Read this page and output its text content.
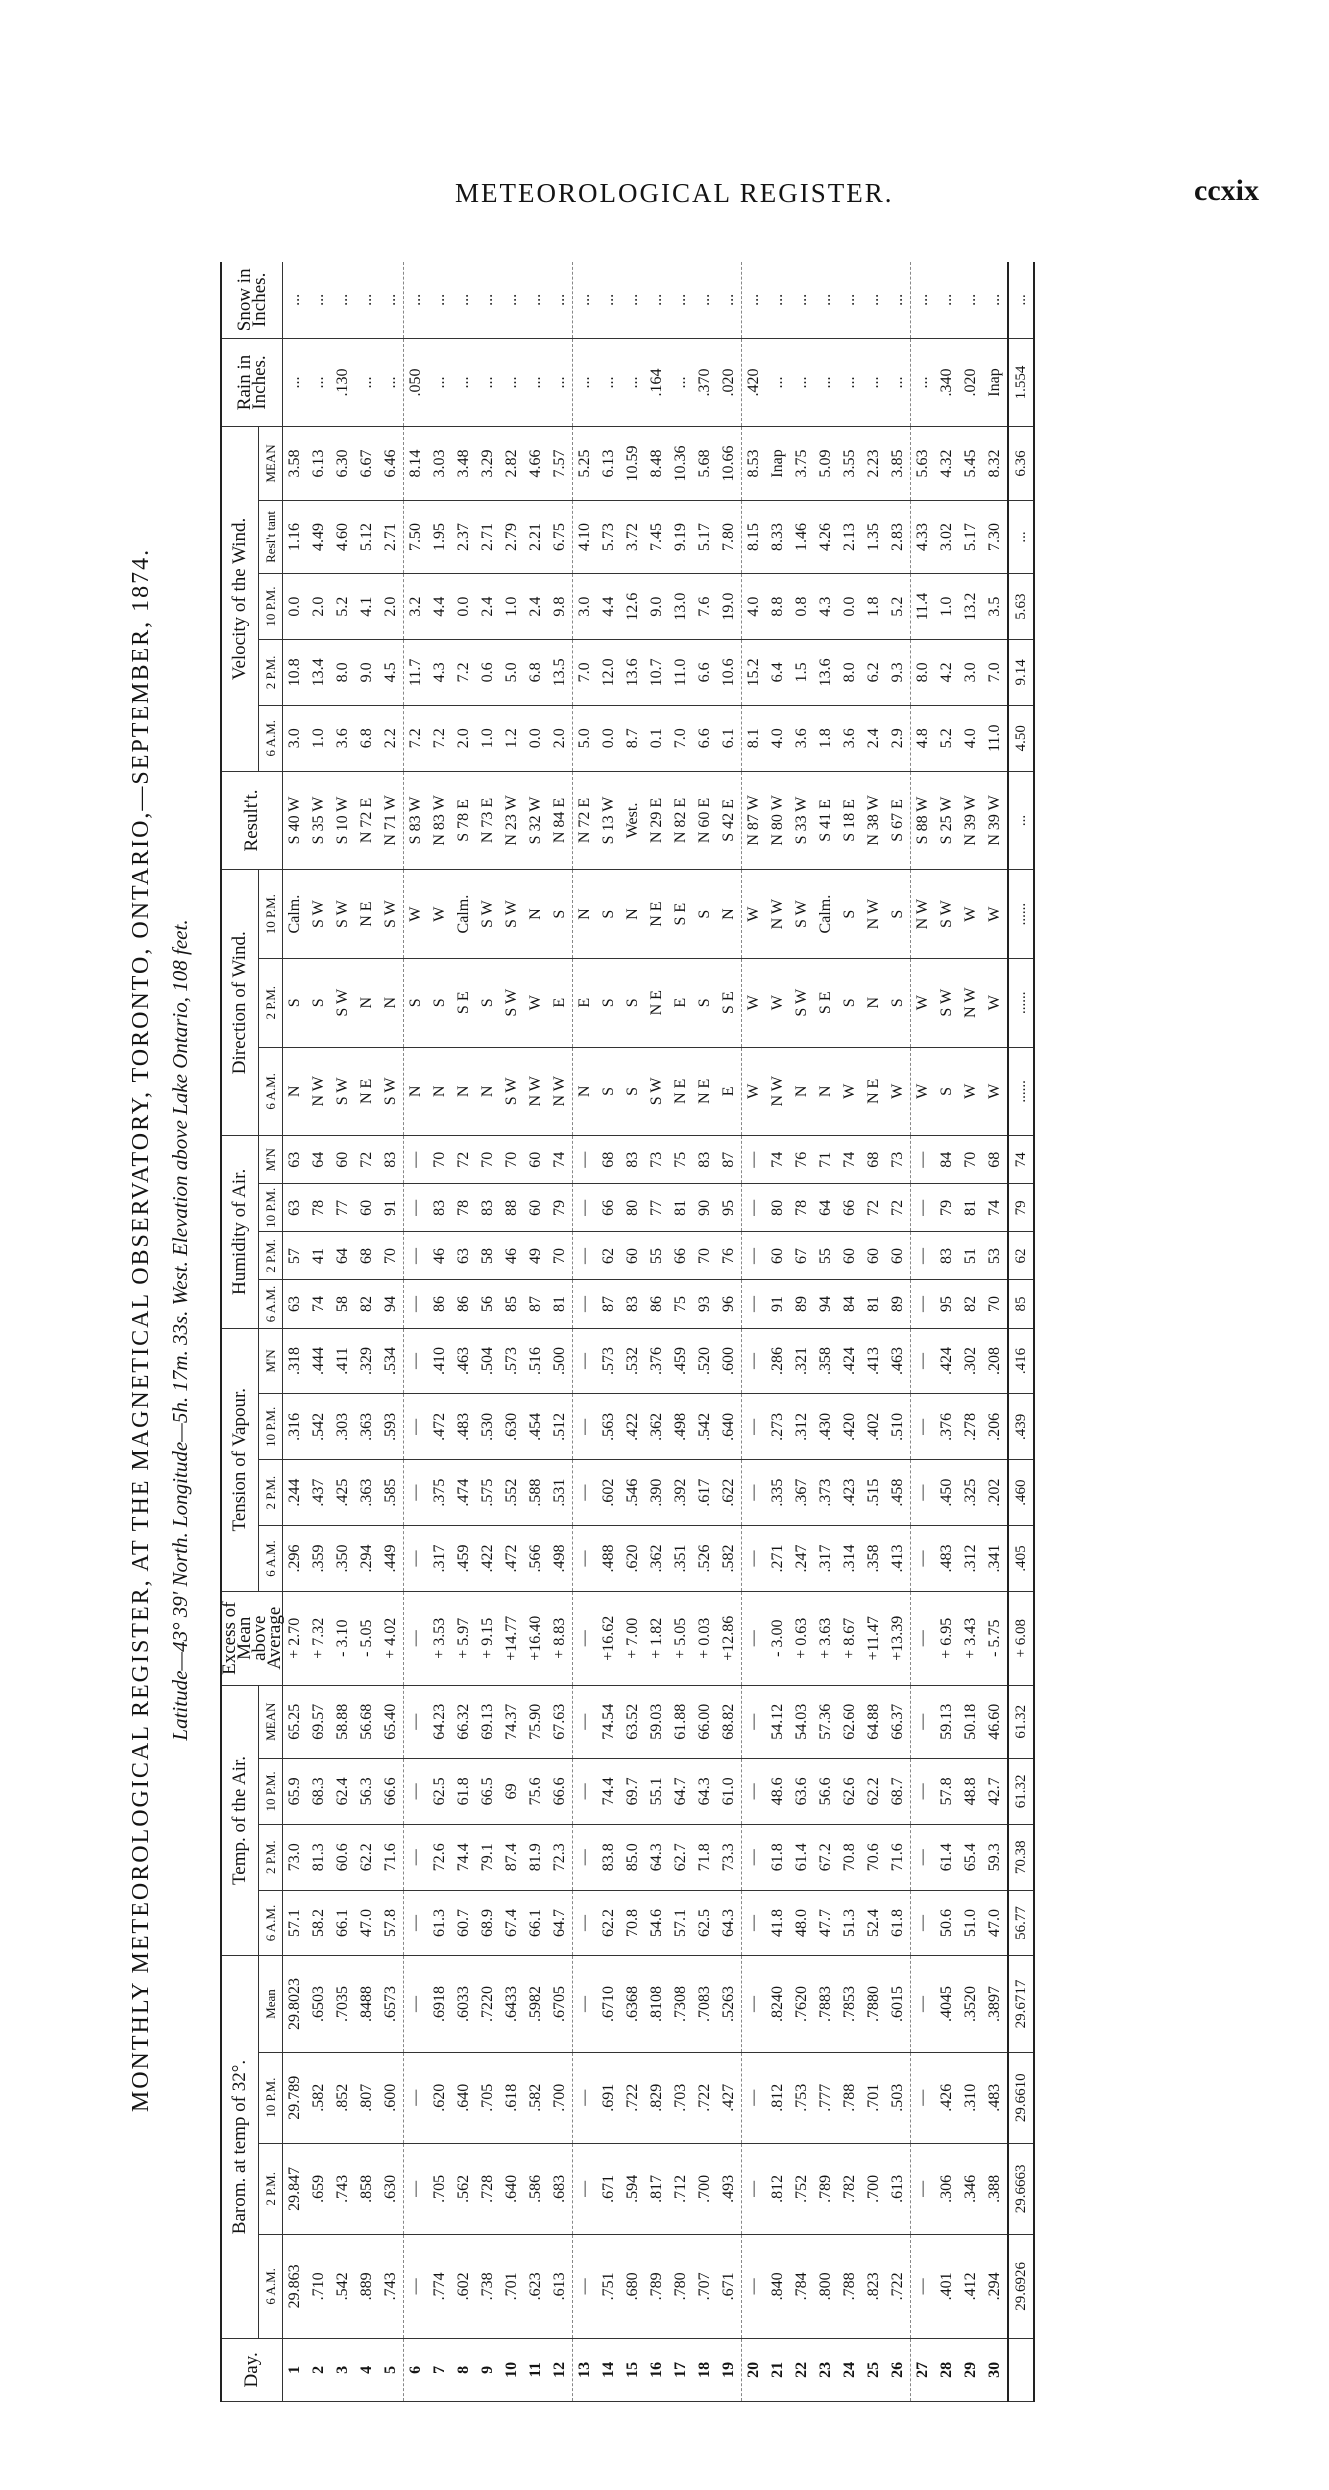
METEOROLOGICAL REGISTER.	ccxix
MONTHLY METEOROLOGICAL REGISTER, AT THE MAGNETICAL OBSERVATORY, TORONTO, ONTARIO,—SEPTEMBER, 1874. Latitude—43° 39' North. Longitude—5h. 17m. 33s. West. Elevation above Lake Ontario, 108 feet.
Day.	Barom. at temp of 32°.				Temp. of the Air.				Excess of Mean above Average	Tension of Vapour.				Humidity of Air.				Direction of Wind.			Result't.	Velocity of the Wind.					Rain in Inches.	Snow in Inches.
	6 A.M.	2 P.M.	10 P.M.	Mean	6 A.M.	2 P.M.	10 P.M.	MEAN		6 A.M.	2 P.M.	10 P.M.	M'N	6 A.M.	2 P.M.	10 P.M.	M'N	6 A.M.	2 P.M.	10 P.M.		6 A.M.	2 P.M.	10 P.M.	Resl't tant	MEAN		
1	29.863	29.847	29.789	29.8023	57.1	73.0	65.9	65.25	+ 2.70	.296	.244	.316	.318	63	57	63	63	N	S	Calm.	S 40 W	3.0	10.8	0.0	1.16	3.58	...	...
2	.710	.659	.582	.6503	58.2	81.3	68.3	69.57	+ 7.32	.359	.437	.542	.444	74	41	78	64	N W	S	S W	S 35 W	1.0	13.4	2.0	4.49	6.13	...	...
3	.542	.743	.852	.7035	66.1	60.6	62.4	58.88	- 3.10	.350	.425	.303	.411	58	64	77	60	S W	S W	S W	S 10 W	3.6	8.0	5.2	4.60	6.30	.130	...
4	.889	.858	.807	.8488	47.0	62.2	56.3	56.68	- 5.05	.294	.363	.363	.329	82	68	60	72	N E	N	N E	N 72 E	6.8	9.0	4.1	5.12	6.67	...	...
5	.743	.630	.600	.6573	57.8	71.6	66.6	65.40	+ 4.02	.449	.585	.593	.534	94	70	91	83	S W	N	S W	N 71 W	2.2	4.5	2.0	2.71	6.46	...	...
6	—	—	—	—	—	—	—	—	—	—	—	—	—	—	—	—	—	N	S	W	S 83 W	7.2	11.7	3.2	7.50	8.14	.050	...
7	.774	.705	.620	.6918	61.3	72.6	62.5	64.23	+ 3.53	.317	.375	.472	.410	86	46	83	70	N	S	W	N 83 W	7.2	4.3	4.4	1.95	3.03	...	...
8	.602	.562	.640	.6033	60.7	74.4	61.8	66.32	+ 5.97	.459	.474	.483	.463	86	63	78	72	N	S E	Calm.	S 78 E	2.0	7.2	0.0	2.37	3.48	...	...
9	.738	.728	.705	.7220	68.9	79.1	66.5	69.13	+ 9.15	.422	.575	.530	.504	56	58	83	70	N	S	S W	N 73 E	1.0	0.6	2.4	2.71	3.29	...	...
10	.701	.640	.618	.6433	67.4	87.4	69	74.37	+14.77	.472	.552	.630	.573	85	46	88	70	S W	S W	S W	N 23 W	1.2	5.0	1.0	2.79	2.82	...	...
11	.623	.586	.582	.5982	66.1	81.9	75.6	75.90	+16.40	.566	.588	.454	.516	87	49	60	60	N W	W	N	S 32 W	0.0	6.8	2.4	2.21	4.66	...	...
12	.613	.683	.700	.6705	64.7	72.3	66.6	67.63	+ 8.83	.498	.531	.512	.500	81	70	79	74	N W	E	S	N 84 E	2.0	13.5	9.8	6.75	7.57	...	...
13	—	—	—	—	—	—	—	—	—	—	—	—	—	—	—	—	—	N	E	N	N 72 E	5.0	7.0	3.0	4.10	5.25	...	...
14	.751	.671	.691	.6710	62.2	83.8	74.4	74.54	+16.62	.488	.602	.563	.573	87	62	66	68	S	S	S	S 13 W	0.0	12.0	4.4	5.73	6.13	...	...
15	.680	.594	.722	.6368	70.8	85.0	69.7	63.52	+ 7.00	.620	.546	.422	.532	83	60	80	83	S	S	N	West.	8.7	13.6	12.6	3.72	10.59	...	...
16	.789	.817	.829	.8108	54.6	64.3	55.1	59.03	+ 1.82	.362	.390	.362	.376	86	55	77	73	S W	N E	N E	N 29 E	0.1	10.7	9.0	7.45	8.48	.164	...
17	.780	.712	.703	.7308	57.1	62.7	64.7	61.88	+ 5.05	.351	.392	.498	.459	75	66	81	75	N E	E	S E	N 82 E	7.0	11.0	13.0	9.19	10.36	...	...
18	.707	.700	.722	.7083	62.5	71.8	64.3	66.00	+ 0.03	.526	.617	.542	.520	93	70	90	83	N E	S	S	N 60 E	6.6	6.6	7.6	5.17	5.68	.370	...
19	.671	.493	.427	.5263	64.3	73.3	61.0	68.82	+12.86	.582	.622	.640	.600	96	76	95	87	E	S E	N	S 42 E	6.1	10.6	19.0	7.80	10.66	.020	...
20	—	—	—	—	—	—	—	—	—	—	—	—	—	—	—	—	—	W	W	W	N 87 W	8.1	15.2	4.0	8.15	8.53	.420	...
21	.840	.812	.812	.8240	41.8	61.8	48.6	54.12	- 3.00	.271	.335	.273	.286	91	60	80	74	N W	W	N W	N 80 W	4.0	6.4	8.8	8.33	Inap	...	...
22	.784	.752	.753	.7620	48.0	61.4	63.6	54.03	+ 0.63	.247	.367	.312	.321	89	67	78	76	N	S W	S W	S 33 W	3.6	1.5	0.8	1.46	3.75	...	...
23	.800	.789	.777	.7883	47.7	67.2	56.6	57.36	+ 3.63	.317	.373	.430	.358	94	55	64	71	N	S E	Calm.	S 41 E	1.8	13.6	4.3	4.26	5.09	...	...
24	.788	.782	.788	.7853	51.3	70.8	62.6	62.60	+ 8.67	.314	.423	.420	.424	84	60	66	74	W	S	S	S 18 E	3.6	8.0	0.0	2.13	3.55	...	...
25	.823	.700	.701	.7880	52.4	70.6	62.2	64.88	+11.47	.358	.515	.402	.413	81	60	72	68	N E	N	N W	N 38 W	2.4	6.2	1.8	1.35	2.23	...	...
26	.722	.613	.503	.6015	61.8	71.6	68.7	66.37	+13.39	.413	.458	.510	.463	89	60	72	73	W	S	S	S 67 E	2.9	9.3	5.2	2.83	3.85	...	...
27	—	—	—	—	—	—	—	—	—	—	—	—	—	—	—	—	—	W	W	N W	S 88 W	4.8	8.0	11.4	4.33	5.63	...	...
28	.401	.306	.426	.4045	50.6	61.4	57.8	59.13	+ 6.95	.483	.450	.376	.424	95	83	79	84	S	S W	S W	S 25 W	5.2	4.2	1.0	3.02	4.32	.340	...
29	.412	.346	.310	.3520	51.0	65.4	48.8	50.18	+ 3.43	.312	.325	.278	.302	82	51	81	70	W	N W	W	N 39 W	4.0	3.0	13.2	5.17	5.45	.020	...
30	.294	.388	.483	.3897	47.0	59.3	42.7	46.60	- 5.75	.341	.202	.206	.208	70	53	74	68	W	W	W	N 39 W	11.0	7.0	3.5	7.30	8.32	Inap	...
	29.6926	29.6663	29.6610	29.6717	56.77	70.38	61.32	61.32	+ 6.08	.405	.460	.439	.416	85	62	79	74	......	......	......	...	4.50	9.14	5.63	...	6.36	1.554	...
